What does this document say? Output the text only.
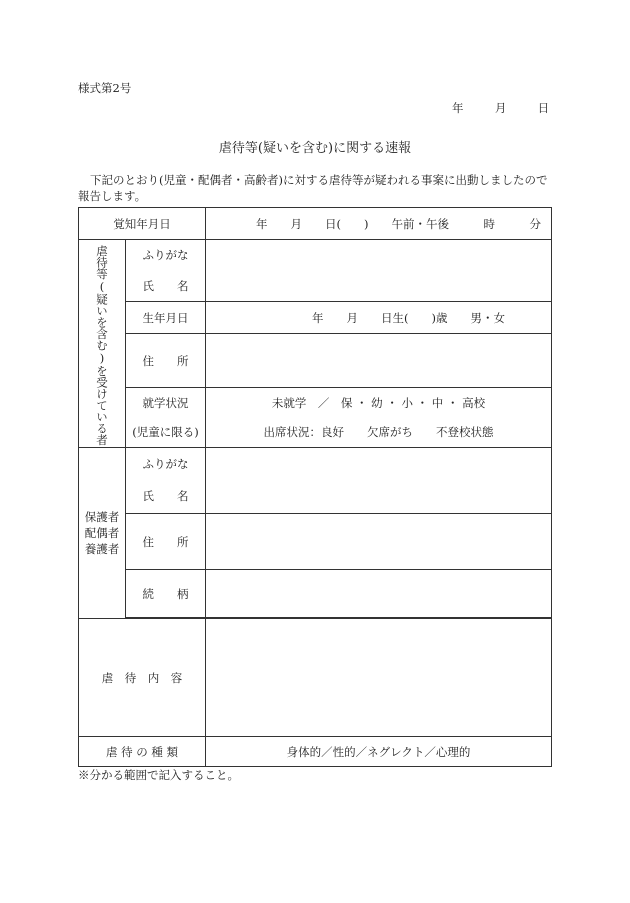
様式第2号
年	月	日
虐待等(疑いを含む)に関する速報
下記のとおり(児童・配偶者・高齢者)に対する虐待等が疑われる事案に出動しましたので報告します。
覚知年月日		年　　月　　日(　　)　　午前・午後　　　時　　　分

虐待等(疑いを含む)を受けている者	ふりがな	
	氏　　名	
	生年月日	年　　月　　日生(　　)歳　　男・女
	住　　所	
	就学状況	未就学　／　保 ・ 幼 ・ 小 ・ 中 ・ 高校
	(児童に限る)	出席状況：良好　　欠席がち　　不登校状態

保護者
配偶者
養護者	ふりがな	
	氏　　名	
	住　　所	
	続　　柄	

虐　待　内　容		
虐 待 の 種 類		身体的／性的／ネグレクト／心理的
※分かる範囲で記入すること。
